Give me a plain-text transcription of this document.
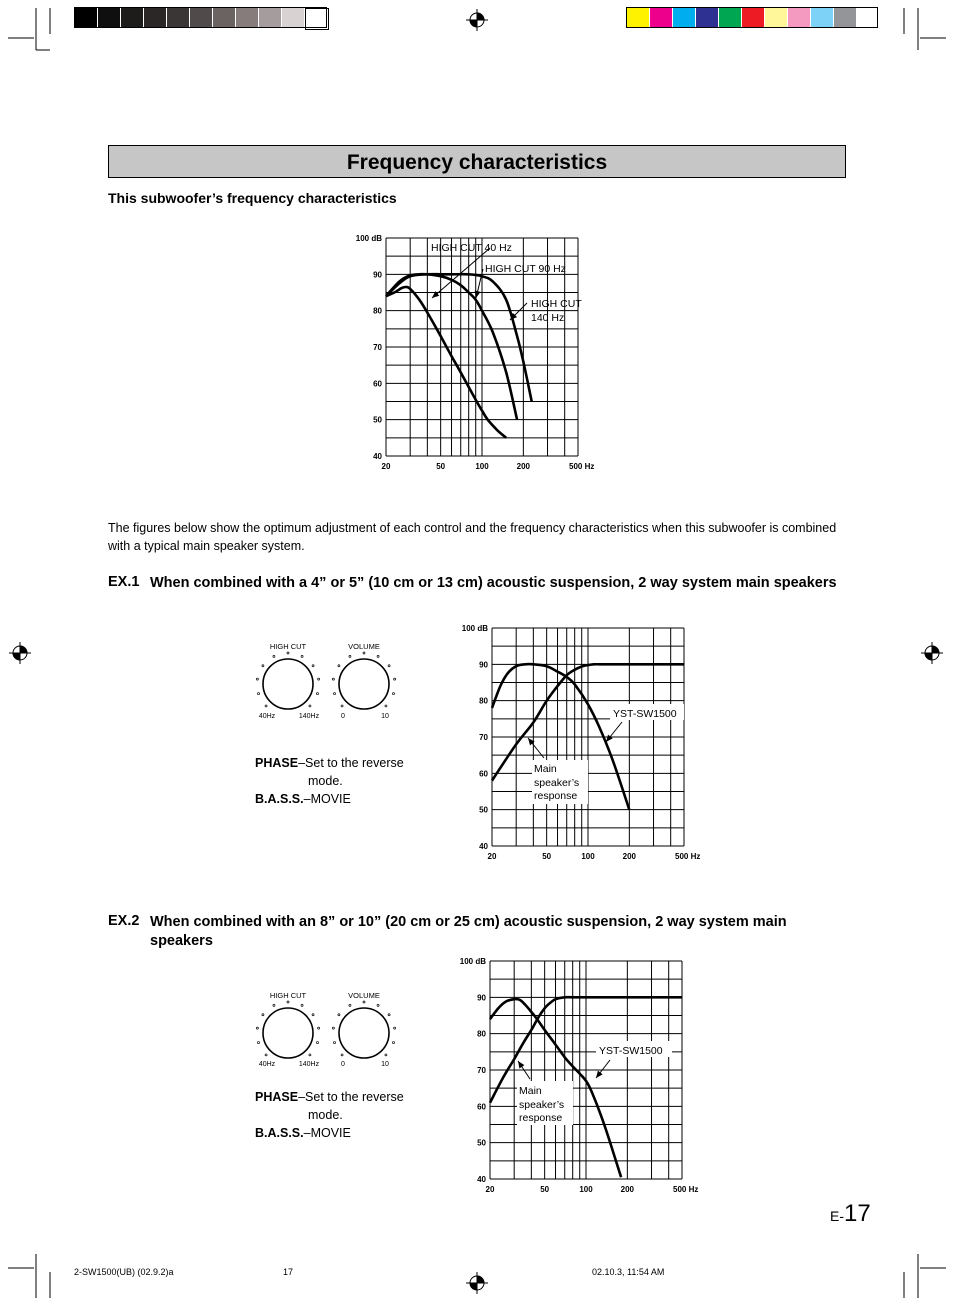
Frequency characteristics
This subwoofer’s frequency characteristics
100 dB
90
80
70
60
50
40
20	50	100	200	500 Hz
HIGH CUT 40 Hz
HIGH CUT 90 Hz
HIGH CUT
140 Hz
The figures below show the optimum adjustment of each control and the frequency characteristics when this subwoofer is combined with a typical main speaker system.
EX.1 When combined with a 4” or 5” (10 cm or 13 cm) acoustic suspension, 2 way system main speakers
HIGH CUT	VOLUME
40Hz	140Hz	0	10
PHASE–Set to the reverse
mode.
B.A.S.S.–MOVIE
100 dB
90
80
70
60
50
40
20	50	100	200	500 Hz
YST-SW1500
Main
speaker’s
response
EX.2 When combined with an 8” or 10” (20 cm or 25 cm) acoustic suspension, 2 way system main speakers
HIGH CUT	VOLUME
40Hz	140Hz	0	10
PHASE–Set to the reverse
mode.
B.A.S.S.–MOVIE
100 dB
90
80
70
60
50
40
20	50	100	200	500 Hz
YST-SW1500
Main
speaker’s
response
E-17
2-SW1500(UB) (02.9.2)a	17	02.10.3, 11:54 AM
